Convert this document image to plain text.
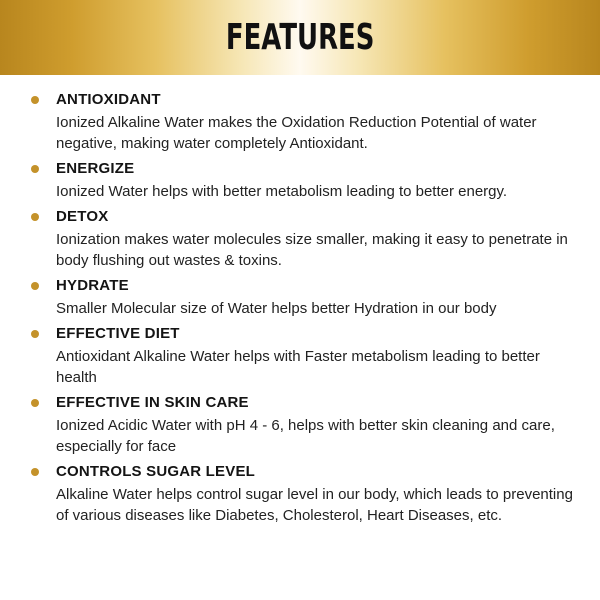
FEATURES
ANTIOXIDANT
Ionized Alkaline Water makes the Oxidation Reduction Potential of water negative, making water completely Antioxidant.
ENERGIZE
Ionized Water helps with better metabolism leading to better energy.
DETOX
Ionization makes water molecules size smaller, making it easy to penetrate in body flushing out wastes & toxins.
HYDRATE
Smaller Molecular size of Water helps better Hydration in our body
EFFECTIVE DIET
Antioxidant Alkaline Water helps with Faster metabolism leading to better health
EFFECTIVE IN SKIN CARE
Ionized Acidic Water with pH 4 - 6, helps with better skin cleaning and care, especially for face
CONTROLS SUGAR LEVEL
Alkaline Water helps control sugar level in our body, which leads to preventing of various diseases like Diabetes, Cholesterol, Heart Diseases, etc.
